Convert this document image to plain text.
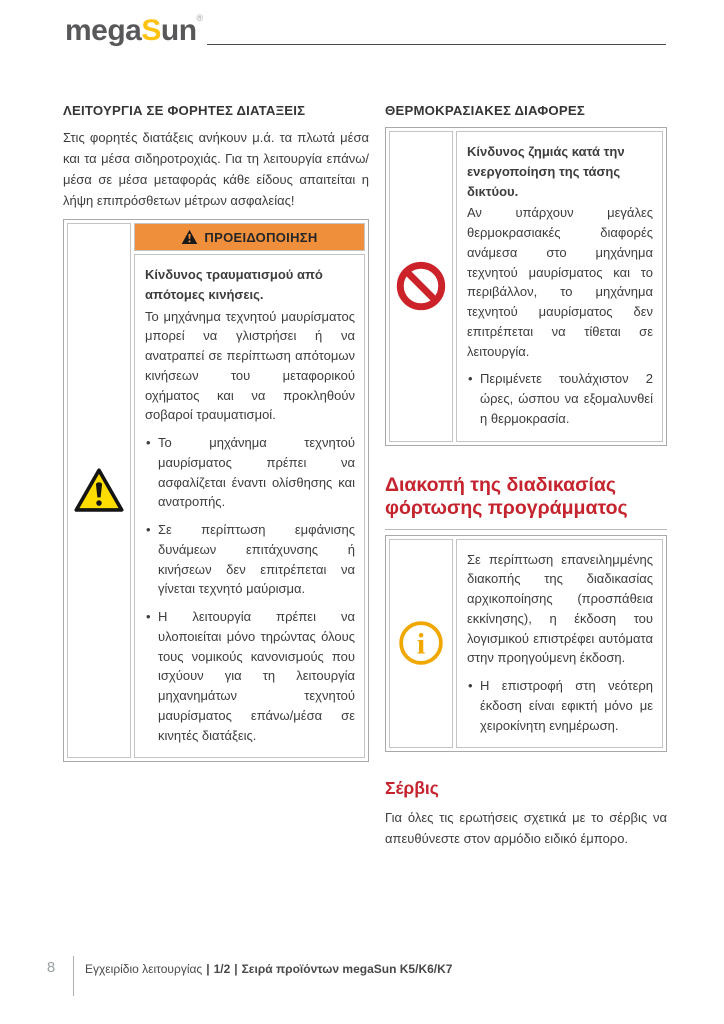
megaSun®
ΛΕΙΤΟΥΡΓΙΑ ΣΕ ΦΟΡΗΤΕΣ ΔΙΑΤΑΞΕΙΣ

Στις φορητές διατάξεις ανήκουν μ.ά. τα πλωτά μέσα και τα μέσα σιδηροτροχιάς. Για τη λειτουργία επάνω/μέσα σε μέσα μεταφοράς κάθε είδους απαιτείται η λήψη επιπρόσθετων μέτρων ασφαλείας!

ΠΡΟΕΙΔΟΠΟΙΗΣΗ

Κίνδυνος τραυματισμού από απότομες κινήσεις.

Το μηχάνημα τεχνητού μαυρίσματος μπορεί να γλιστρήσει ή να ανατραπεί σε περίπτωση απότομων κινήσεων του μεταφορικού οχήματος και να προκληθούν σοβαροί τραυματισμοί.

• Το μηχάνημα τεχνητού μαυρίσματος πρέπει να ασφαλίζεται έναντι ολίσθησης και ανατροπής.
• Σε περίπτωση εμφάνισης δυνάμεων επιτάχυνσης ή κινήσεων δεν επιτρέπεται να γίνεται τεχνητό μαύρισμα.
• Η λειτουργία πρέπει να υλοποιείται μόνο τηρώντας όλους τους νομικούς κανονισμούς που ισχύουν για τη λειτουργία μηχανημάτων τεχνητού μαυρίσματος επάνω/μέσα σε κινητές διατάξεις.
ΘΕΡΜΟΚΡΑΣΙΑΚΕΣ ΔΙΑΦΟΡΕΣ

Κίνδυνος ζημιάς κατά την ενεργοποίηση της τάσης δικτύου.

Αν υπάρχουν μεγάλες θερμοκρασιακές διαφορές ανάμεσα στο μηχάνημα τεχνητού μαυρίσματος και το περιβάλλον, το μηχάνημα τεχνητού μαυρίσματος δεν επιτρέπεται να τίθεται σε λειτουργία.

• Περιμένετε τουλάχιστον 2 ώρες, ώσπου να εξομαλυνθεί η θερμοκρασία.
Διακοπή της διαδικασίας φόρτωσης προγράμματος
i

Σε περίπτωση επανειλημμένης διακοπής της διαδικασίας αρχικοποίησης (προσπάθεια εκκίνησης), η έκδοση του λογισμικού επιστρέφει αυτόματα στην προηγούμενη έκδοση.

• Η επιστροφή στη νεότερη έκδοση είναι εφικτή μόνο με χειροκίνητη ενημέρωση.
Σέρβις

Για όλες τις ερωτήσεις σχετικά με το σέρβις να απευθύνεστε στον αρμόδιο ειδικό έμπορο.

8	Εγχειρίδιο λειτουργίας | 1/2 | Σειρά προϊόντων megaSun K5/K6/K7
